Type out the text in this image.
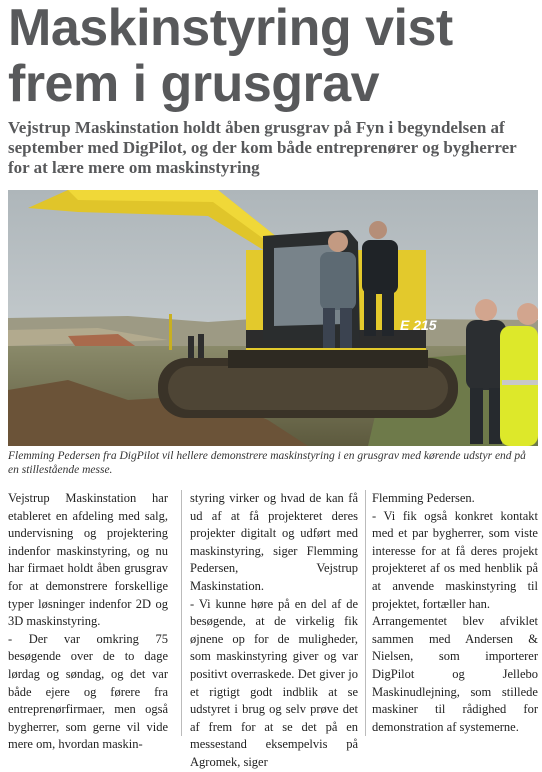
Maskinstyring vist
frem i grusgrav

Vejstrup Maskinstation holdt åben grusgrav på Fyn i begyndelsen af september med DigPilot, og der kom både entreprenører og bygherrer for at lære mere om maskinstyring

E 215
Flemming Pedersen fra DigPilot vil hellere demonstrere maskinstyring i en grusgrav med kørende udstyr end på en stillestående messe.

Vejstrup Maskinstation har etableret en afdeling med salg, undervisning og projektering indenfor maskinstyring, og nu har firmaet holdt åben grusgrav for at demonstrere forskellige typer løsninger indenfor 2D og 3D maskinstyring.
- Der var omkring 75 besøgende over de to dage lørdag og søndag, og det var både ejere og førere fra entreprenørfirmaer, men også bygherrer, som gerne vil vide mere om, hvordan maskin-

styring virker og hvad de kan få ud af at få projekteret deres projekter digitalt og udført med maskinstyring, siger Flemming Pedersen, Vejstrup Maskinstation.
- Vi kunne høre på en del af de besøgende, at de virkelig fik øjnene op for de muligheder, som maskinstyring giver og var positivt overraskede. Det giver jo et rigtigt godt indblik at se udstyret i brug og selv prøve det af frem for at se det på en messestand eksempelvis på Agromek, siger

Flemming Pedersen.
- Vi fik også konkret kontakt med et par bygherrer, som viste interesse for at få deres projekt projekteret af os med henblik på at anvende maskinstyring til projektet, fortæller han.
Arrangementet blev afviklet sammen med Andersen & Nielsen, som importerer DigPilot og Jellebo Maskinudlejning, som stillede maskiner til rådighed for demonstration af systemerne.
